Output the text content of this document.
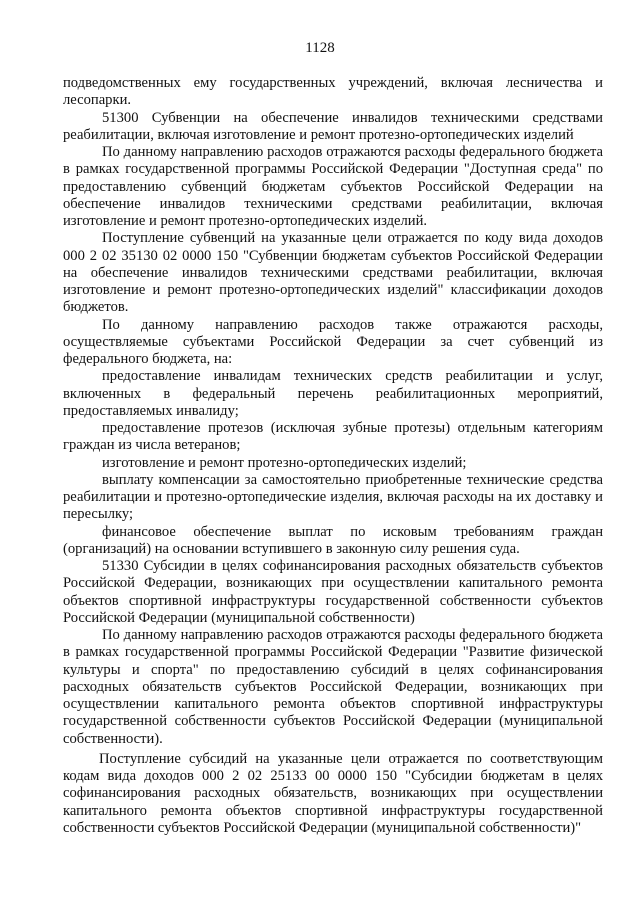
1128

подведомственных ему государственных учреждений, включая лесничества и лесопарки.

51300 Субвенции на обеспечение инвалидов техническими средствами реабилитации, включая изготовление и ремонт протезно-ортопедических изделий

По данному направлению расходов отражаются расходы федерального бюджета в рамках государственной программы Российской Федерации "Доступная среда" по предоставлению субвенций бюджетам субъектов Российской Федерации на обеспечение инвалидов техническими средствами реабилитации, включая изготовление и ремонт протезно-ортопедических изделий.

Поступление субвенций на указанные цели отражается по коду вида доходов 000 2 02 35130 02 0000 150 "Субвенции бюджетам субъектов Российской Федерации на обеспечение инвалидов техническими средствами реабилитации, включая изготовление и ремонт протезно-ортопедических изделий" классификации доходов бюджетов.

По данному направлению расходов также отражаются расходы, осуществляемые субъектами Российской Федерации за счет субвенций из федерального бюджета, на:

предоставление инвалидам технических средств реабилитации и услуг, включенных в федеральный перечень реабилитационных мероприятий, предоставляемых инвалиду;

предоставление протезов (исключая зубные протезы) отдельным категориям граждан из числа ветеранов;

изготовление и ремонт протезно-ортопедических изделий;

выплату компенсации за самостоятельно приобретенные технические средства реабилитации и протезно-ортопедические изделия, включая расходы на их доставку и пересылку;

финансовое обеспечение выплат по исковым требованиям граждан (организаций) на основании вступившего в законную силу решения суда.

51330 Субсидии в целях софинансирования расходных обязательств субъектов Российской Федерации, возникающих при осуществлении капитального ремонта объектов спортивной инфраструктуры государственной собственности субъектов Российской Федерации (муниципальной собственности)

По данному направлению расходов отражаются расходы федерального бюджета в рамках государственной программы Российской Федерации "Развитие физической культуры и спорта" по предоставлению субсидий в целях софинансирования расходных обязательств субъектов Российской Федерации, возникающих при осуществлении капитального ремонта объектов спортивной инфраструктуры государственной собственности субъектов Российской Федерации (муниципальной собственности).

Поступление субсидий на указанные цели отражается по соответствующим кодам вида доходов 000 2 02 25133 00 0000 150 "Субсидии бюджетам в целях софинансирования расходных обязательств, возникающих при осуществлении капитального ремонта объектов спортивной инфраструктуры государственной собственности субъектов Российской Федерации (муниципальной собственности)"
